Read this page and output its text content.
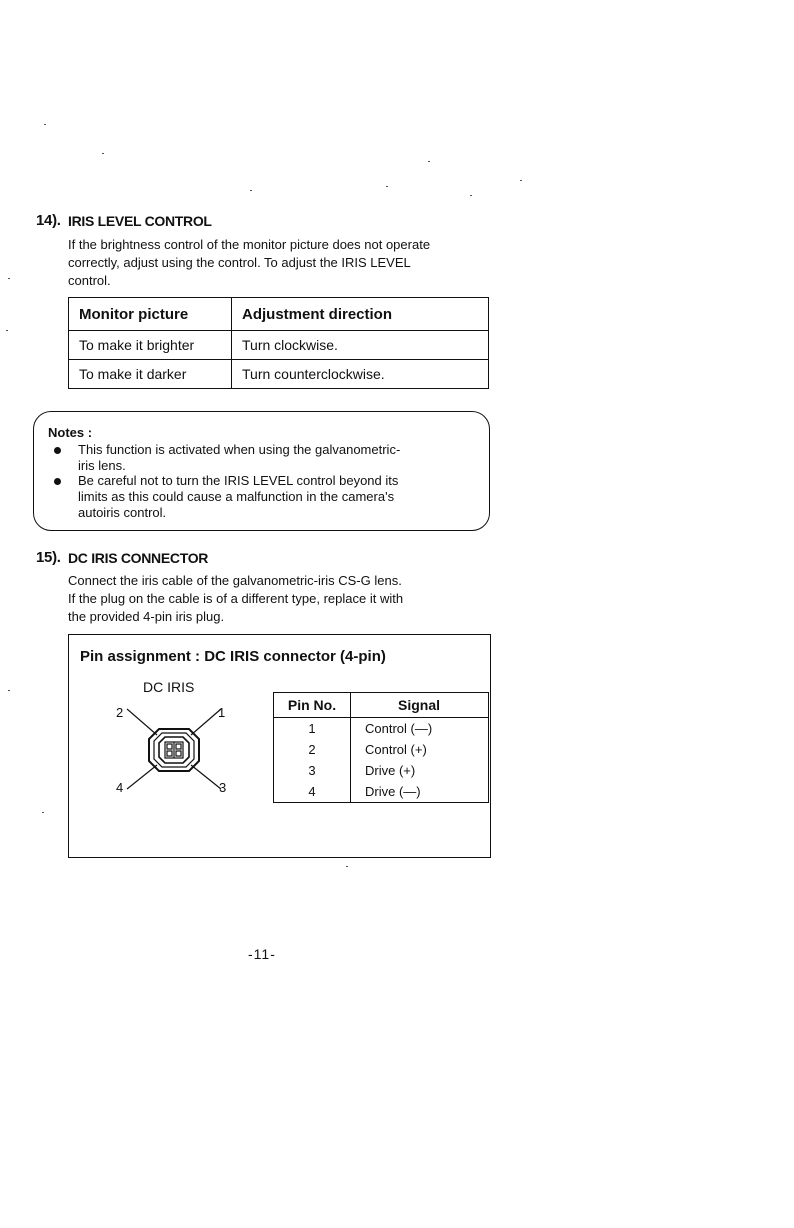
14). IRIS LEVEL CONTROL

If the brightness control of the monitor picture does not operate

correctly, adjust using the control. To adjust the IRIS LEVEL

control.

Monitor picture	Adjustment direction
To make it brighter	Turn clockwise.
To make it darker	Turn counterclockwise.
Notes :
This function is activated when using the galvanometric-
iris lens.
Be careful not to turn the IRIS LEVEL control beyond its
limits as this could cause a malfunction in the camera's
autoiris control.
15). DC IRIS CONNECTOR

Connect the iris cable of the galvanometric-iris CS-G lens.

If the plug on the cable is of a different type, replace it with

the provided 4-pin iris plug.

Pin assignment : DC IRIS connector (4-pin)
DC IRIS
2	1
4	3
Pin No.	Signal
1	Control (—)
2	Control (+)
3	Drive (+)
4	Drive (—)
-11-
